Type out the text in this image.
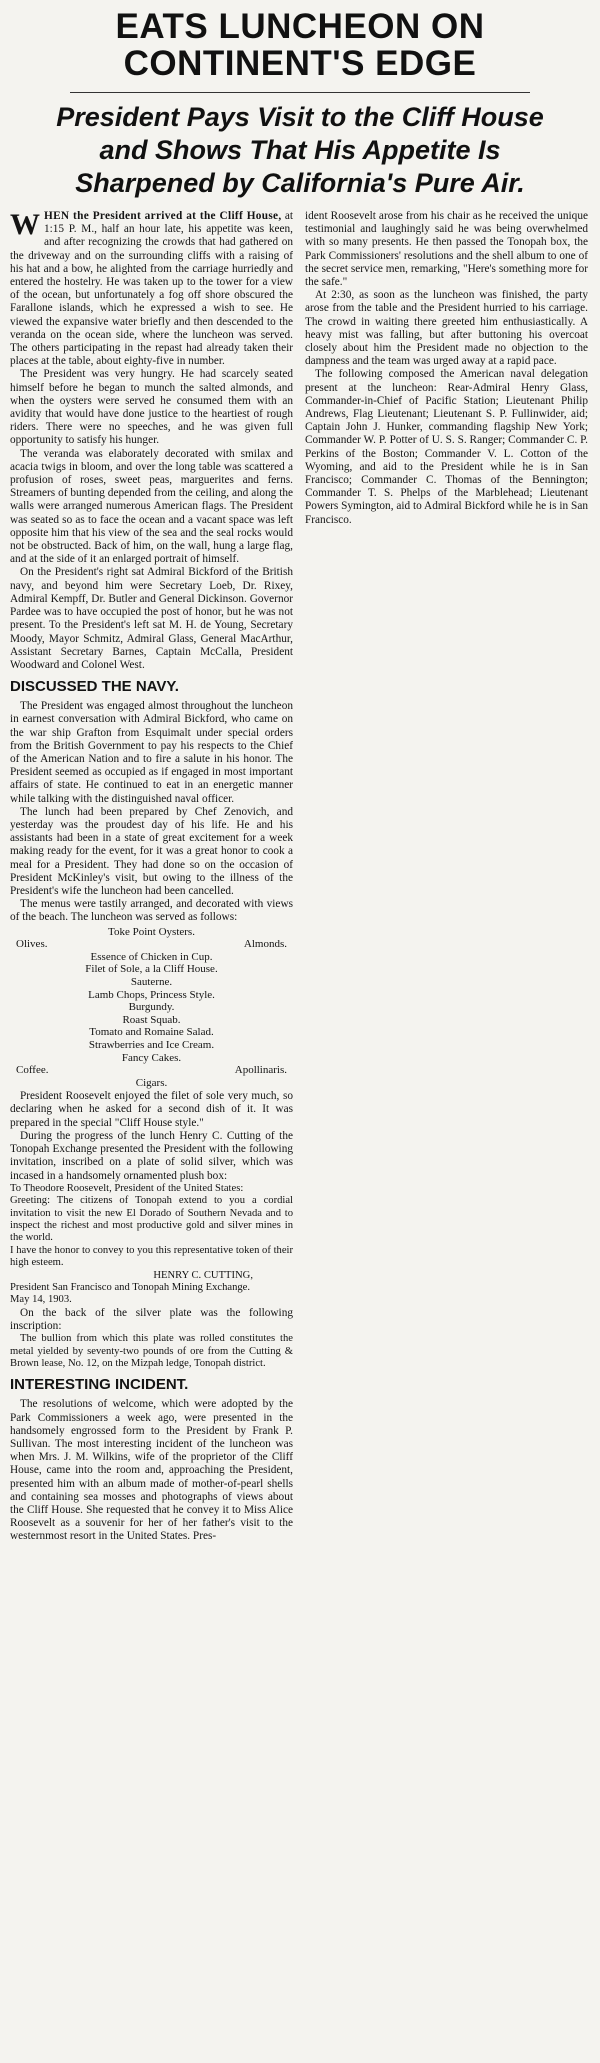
EATS LUNCHEON ON
CONTINENT'S EDGE
President Pays Visit to the Cliff House
and Shows That His Appetite Is
Sharpened by California's Pure Air.

WHEN the President arrived at the Cliff House, at 1:15 P. M., half an hour late, his appetite was keen, and after recognizing the crowds that had gathered on the driveway and on the surrounding cliffs with a raising of his hat and a bow, he alighted from the carriage hurriedly and entered the hostelry. He was taken up to the tower for a view of the ocean, but unfortunately a fog off shore obscured the Farallone islands, which he expressed a wish to see. He viewed the expansive water briefly and then descended to the veranda on the ocean side, where the luncheon was served. The others participating in the repast had already taken their places at the table, about eighty-five in number.

The President was very hungry. He had scarcely seated himself before he began to munch the salted almonds, and when the oysters were served he consumed them with an avidity that would have done justice to the heartiest of rough riders. There were no speeches, and he was given full opportunity to satisfy his hunger.

The veranda was elaborately decorated with smilax and acacia twigs in bloom, and over the long table was scattered a profusion of roses, sweet peas, marguerites and ferns. Streamers of bunting depended from the ceiling, and along the walls were arranged numerous American flags. The President was seated so as to face the ocean and a vacant space was left opposite him that his view of the sea and the seal rocks would not be obstructed. Back of him, on the wall, hung a large flag, and at the side of it an enlarged portrait of himself.

On the President's right sat Admiral Bickford of the British navy, and beyond him were Secretary Loeb, Dr. Rixey, Admiral Kempff, Dr. Butler and General Dickinson. Governor Pardee was to have occupied the post of honor, but he was not present. To the President's left sat M. H. de Young, Secretary Moody, Mayor Schmitz, Admiral Glass, General MacArthur, Assistant Secretary Barnes, Captain McCalla, President Woodward and Colonel West.

DISCUSSED THE NAVY.

The President was engaged almost throughout the luncheon in earnest conversation with Admiral Bickford, who came on the war ship Grafton from Esquimalt under special orders from the British Government to pay his respects to the Chief of the American Nation and to fire a salute in his honor. The President seemed as occupied as if engaged in most important affairs of state. He continued to eat in an energetic manner while talking with the distinguished naval officer.

The lunch had been prepared by Chef Zenovich, and yesterday was the proudest day of his life. He and his assistants had been in a state of great excitement for a week making ready for the event, for it was a great honor to cook a meal for a President. They had done so on the occasion of President McKinley's visit, but owing to the illness of the President's wife the luncheon had been cancelled.

The menus were tastily arranged, and decorated with views of the beach. The luncheon was served as follows:

Toke Point Oysters.
Olives.	Almonds.
Essence of Chicken in Cup.
Filet of Sole, a la Cliff House.
Sauterne.
Lamb Chops, Princess Style.
Burgundy.
Roast Squab.
Tomato and Romaine Salad.
Strawberries and Ice Cream.
Fancy Cakes.
Coffee.	Apollinaris.
Cigars.

President Roosevelt enjoyed the filet of sole very much, so declaring when he asked for a second dish of it. It was prepared in the special "Cliff House style."

During the progress of the lunch Henry C. Cutting of the Tonopah Exchange presented the President with the following invitation, inscribed on a plate of solid silver, which was incased in a handsomely ornamented plush box:

To Theodore Roosevelt, President of the United States:

Greeting: The citizens of Tonopah extend to you a cordial invitation to visit the new El Dorado of Southern Nevada and to inspect the richest and most productive gold and silver mines in the world.

I have the honor to convey to you this representative token of their high esteem.

HENRY C. CUTTING,

President San Francisco and Tonopah Mining Exchange.

May 14, 1903.

On the back of the silver plate was the following inscription:

The bullion from which this plate was rolled constitutes the metal yielded by seventy-two pounds of ore from the Cutting & Brown lease, No. 12, on the Mizpah ledge, Tonopah district.

INTERESTING INCIDENT.

The resolutions of welcome, which were adopted by the Park Commissioners a week ago, were presented in the handsomely engrossed form to the President by Frank P. Sullivan. The most interesting incident of the luncheon was when Mrs. J. M. Wilkins, wife of the proprietor of the Cliff House, came into the room and, approaching the President, presented him with an album made of mother-of-pearl shells and containing sea mosses and photographs of views about the Cliff House. She requested that he convey it to Miss Alice Roosevelt as a souvenir for her of her father's visit to the westernmost resort in the United States. Pres-

ident Roosevelt arose from his chair as he received the unique testimonial and laughingly said he was being overwhelmed with so many presents. He then passed the Tonopah box, the Park Commissioners' resolutions and the shell album to one of the secret service men, remarking, "Here's something more for the safe."

At 2:30, as soon as the luncheon was finished, the party arose from the table and the President hurried to his carriage. The crowd in waiting there greeted him enthusiastically. A heavy mist was falling, but after buttoning his overcoat closely about him the President made no objection to the dampness and the team was urged away at a rapid pace.

The following composed the American naval delegation present at the luncheon: Rear-Admiral Henry Glass, Commander-in-Chief of Pacific Station; Lieutenant Philip Andrews, Flag Lieutenant; Lieutenant S. P. Fullinwider, aid; Captain John J. Hunker, commanding flagship New York; Commander W. P. Potter of U. S. S. Ranger; Commander C. P. Perkins of the Boston; Commander V. L. Cotton of the Wyoming, and aid to the President while he is in San Francisco; Commander C. Thomas of the Bennington; Commander T. S. Phelps of the Marblehead; Lieutenant Powers Symington, aid to Admiral Bickford while he is in San Francisco.
